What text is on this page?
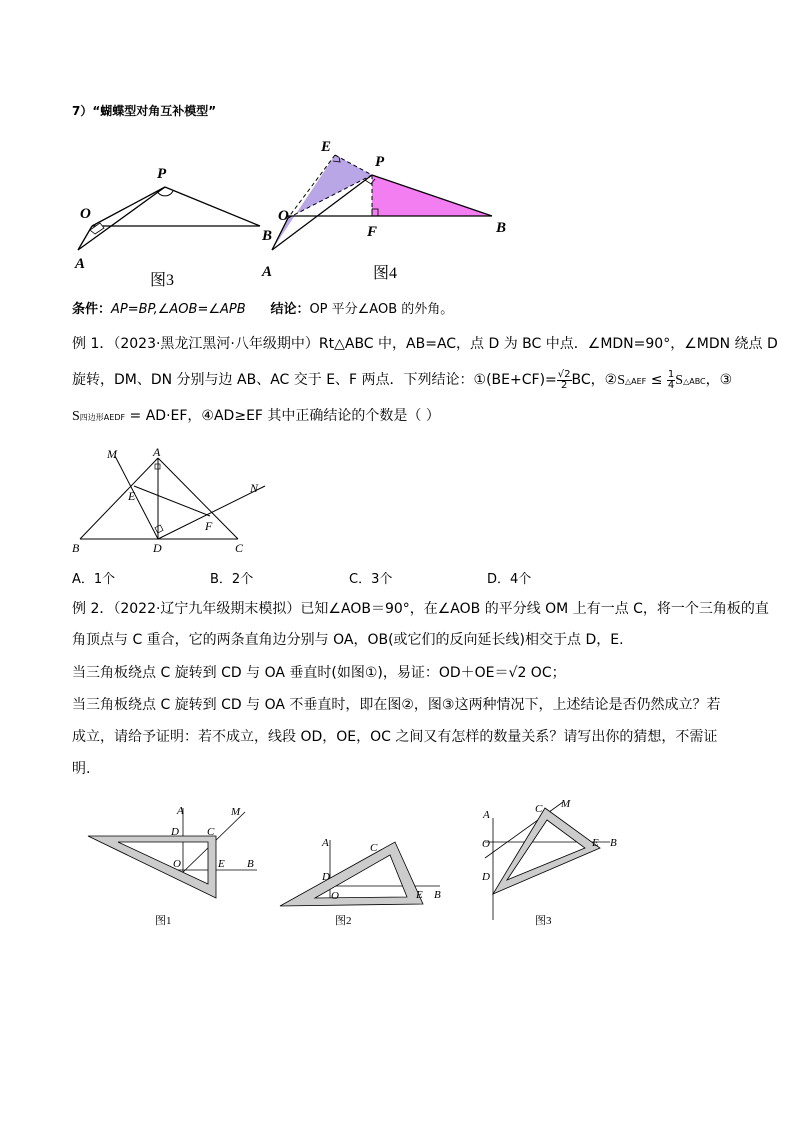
7）“蝴蝶型对角互补模型”
O
P
A
B
图3
E
P
O
F	B
A	图4
条件：AP=BP,∠AOB=∠APB 结论：OP 平分∠AOB 的外角。
例 1．（2023·黑龙江黑河·八年级期中）Rt△ABC 中，AB=AC，点 D 为 BC 中点．∠MDN=90°，∠MDN 绕点 D
旋转，DM、DN 分别与边 AB、AC 交于 E、F 两点．下列结论：①(BE+CF)= $\frac{√2}{2}$ BC，②S△AEF ≤ $\frac{1}{4}$ S△ABC，③
S四边形AEDF = AD·EF，④AD≥EF 其中正确结论的个数是（ ）
M	A
N
E
F
B	D	C
A．1个	B．2个	C．3个	D．4个
例 2．（2022·辽宁九年级期末模拟）已知∠AOB＝90°，在∠AOB 的平分线 OM 上有一点 C，将一个三角板的直
角顶点与 C 重合，它的两条直角边分别与 OA，OB(或它们的反向延长线)相交于点 D，E.
当三角板绕点 C 旋转到 CD 与 OA 垂直时(如图①)，易证：OD＋OE＝√2 OC；
当三角板绕点 C 旋转到 CD 与 OA 不垂直时，即在图②，图③这两种情况下，上述结论是否仍然成立？若
成立，请给予证明：若不成立，线段 OD，OE，OC 之间又有怎样的数量关系？请写出你的猜想，不需证
明.
A	M
D	C
O	E B
图1
A	C
D
O	E B
图2
A	C M
O	E B
D
图3
